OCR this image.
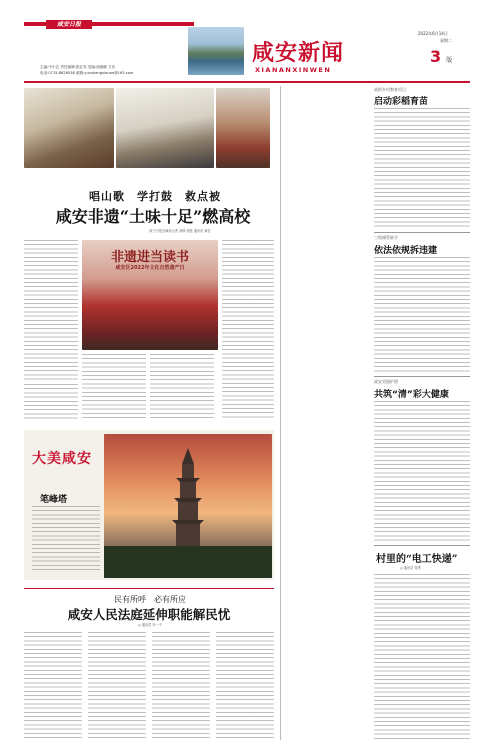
咸安日报
主编:中小玄 责任编辑:张红英 见编:池晓敏 方乐
电话:0715-8826538 邮箱:yunshengxianan@163.com
咸安新闻
XIANANXINWEN
2022年6月14日
星期二
3 版
唱山歌　学打鼓　救点被
咸安非遗“土味十足”燃高校
咸宁日报全媒体记者 刘倩 胡泓 通讯员 黄佳
非遗进当读书
咸安区2022年文化自然遗产日
大美咸安
笔峰塔
民有所呼　必有所应
咸安人民法庭延伸职能解民忧
◎ 通讯员 李一千
高桥乡村教育项目
启动彩稻育苗
三级城管联手
依法依规拆违建
咸安美丽护照
共筑“清”彩大健康
村里的“电工快递”
◎ 通讯员 曾勇
